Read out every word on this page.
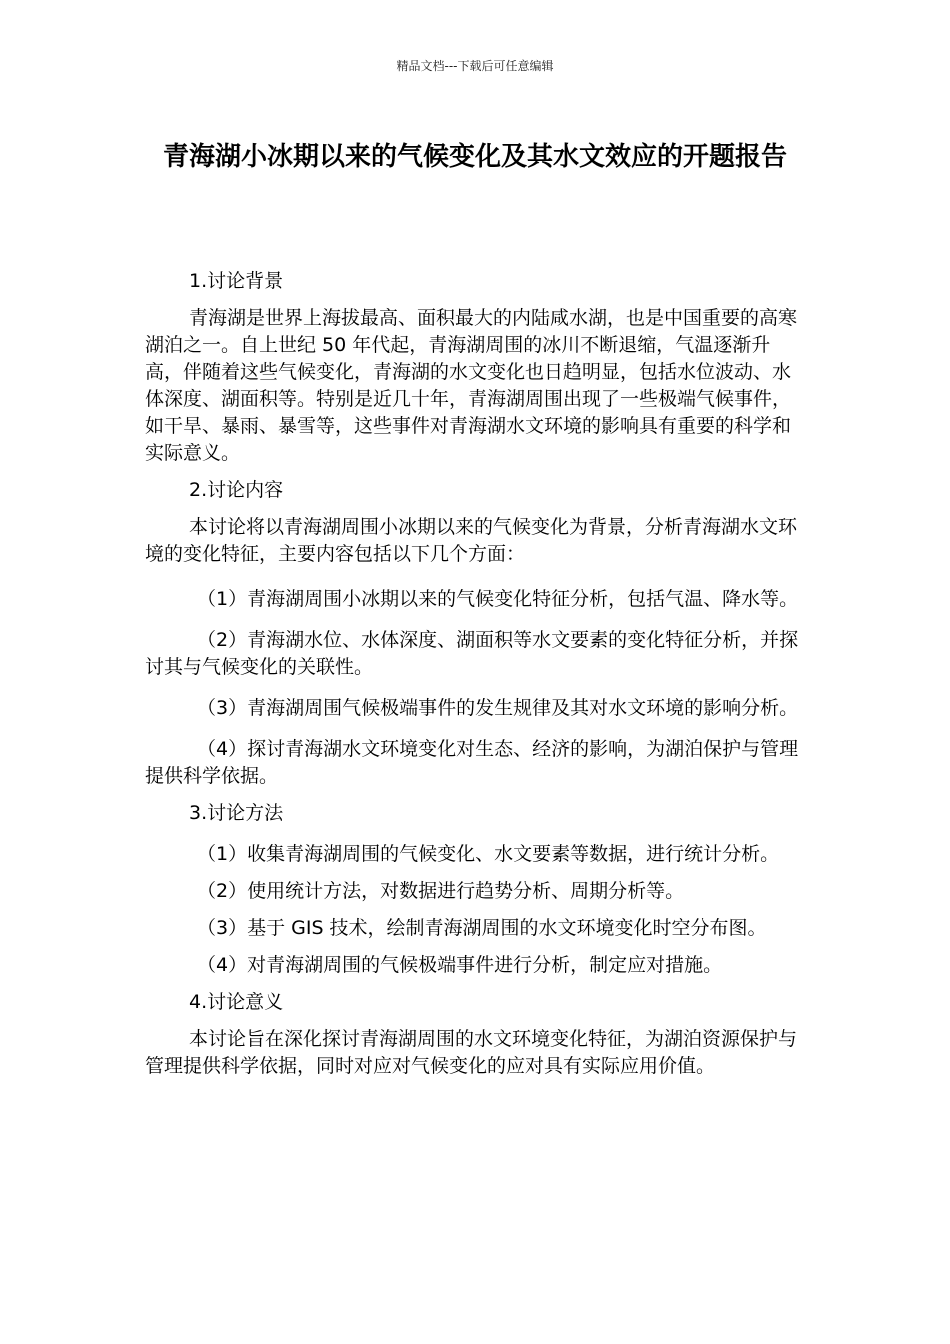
精品文档---下载后可任意编辑
青海湖小冰期以来的气候变化及其水文效应的开题报告

1.讨论背景

青海湖是世界上海拔最高、面积最大的内陆咸水湖，也是中国重要的高寒湖泊之一。自上世纪 50 年代起，青海湖周围的冰川不断退缩，气温逐渐升高，伴随着这些气候变化，青海湖的水文变化也日趋明显，包括水位波动、水体深度、湖面积等。特别是近几十年，青海湖周围出现了一些极端气候事件，如干旱、暴雨、暴雪等，这些事件对青海湖水文环境的影响具有重要的科学和实际意义。

2.讨论内容

本讨论将以青海湖周围小冰期以来的气候变化为背景，分析青海湖水文环境的变化特征，主要内容包括以下几个方面：

（1）青海湖周围小冰期以来的气候变化特征分析，包括气温、降水等。

（2）青海湖水位、水体深度、湖面积等水文要素的变化特征分析，并探讨其与气候变化的关联性。

（3）青海湖周围气候极端事件的发生规律及其对水文环境的影响分析。

（4）探讨青海湖水文环境变化对生态、经济的影响，为湖泊保护与管理提供科学依据。

3.讨论方法

（1）收集青海湖周围的气候变化、水文要素等数据，进行统计分析。

（2）使用统计方法，对数据进行趋势分析、周期分析等。

（3）基于 GIS 技术，绘制青海湖周围的水文环境变化时空分布图。

（4）对青海湖周围的气候极端事件进行分析，制定应对措施。

4.讨论意义

本讨论旨在深化探讨青海湖周围的水文环境变化特征，为湖泊资源保护与管理提供科学依据，同时对应对气候变化的应对具有实际应用价值。
